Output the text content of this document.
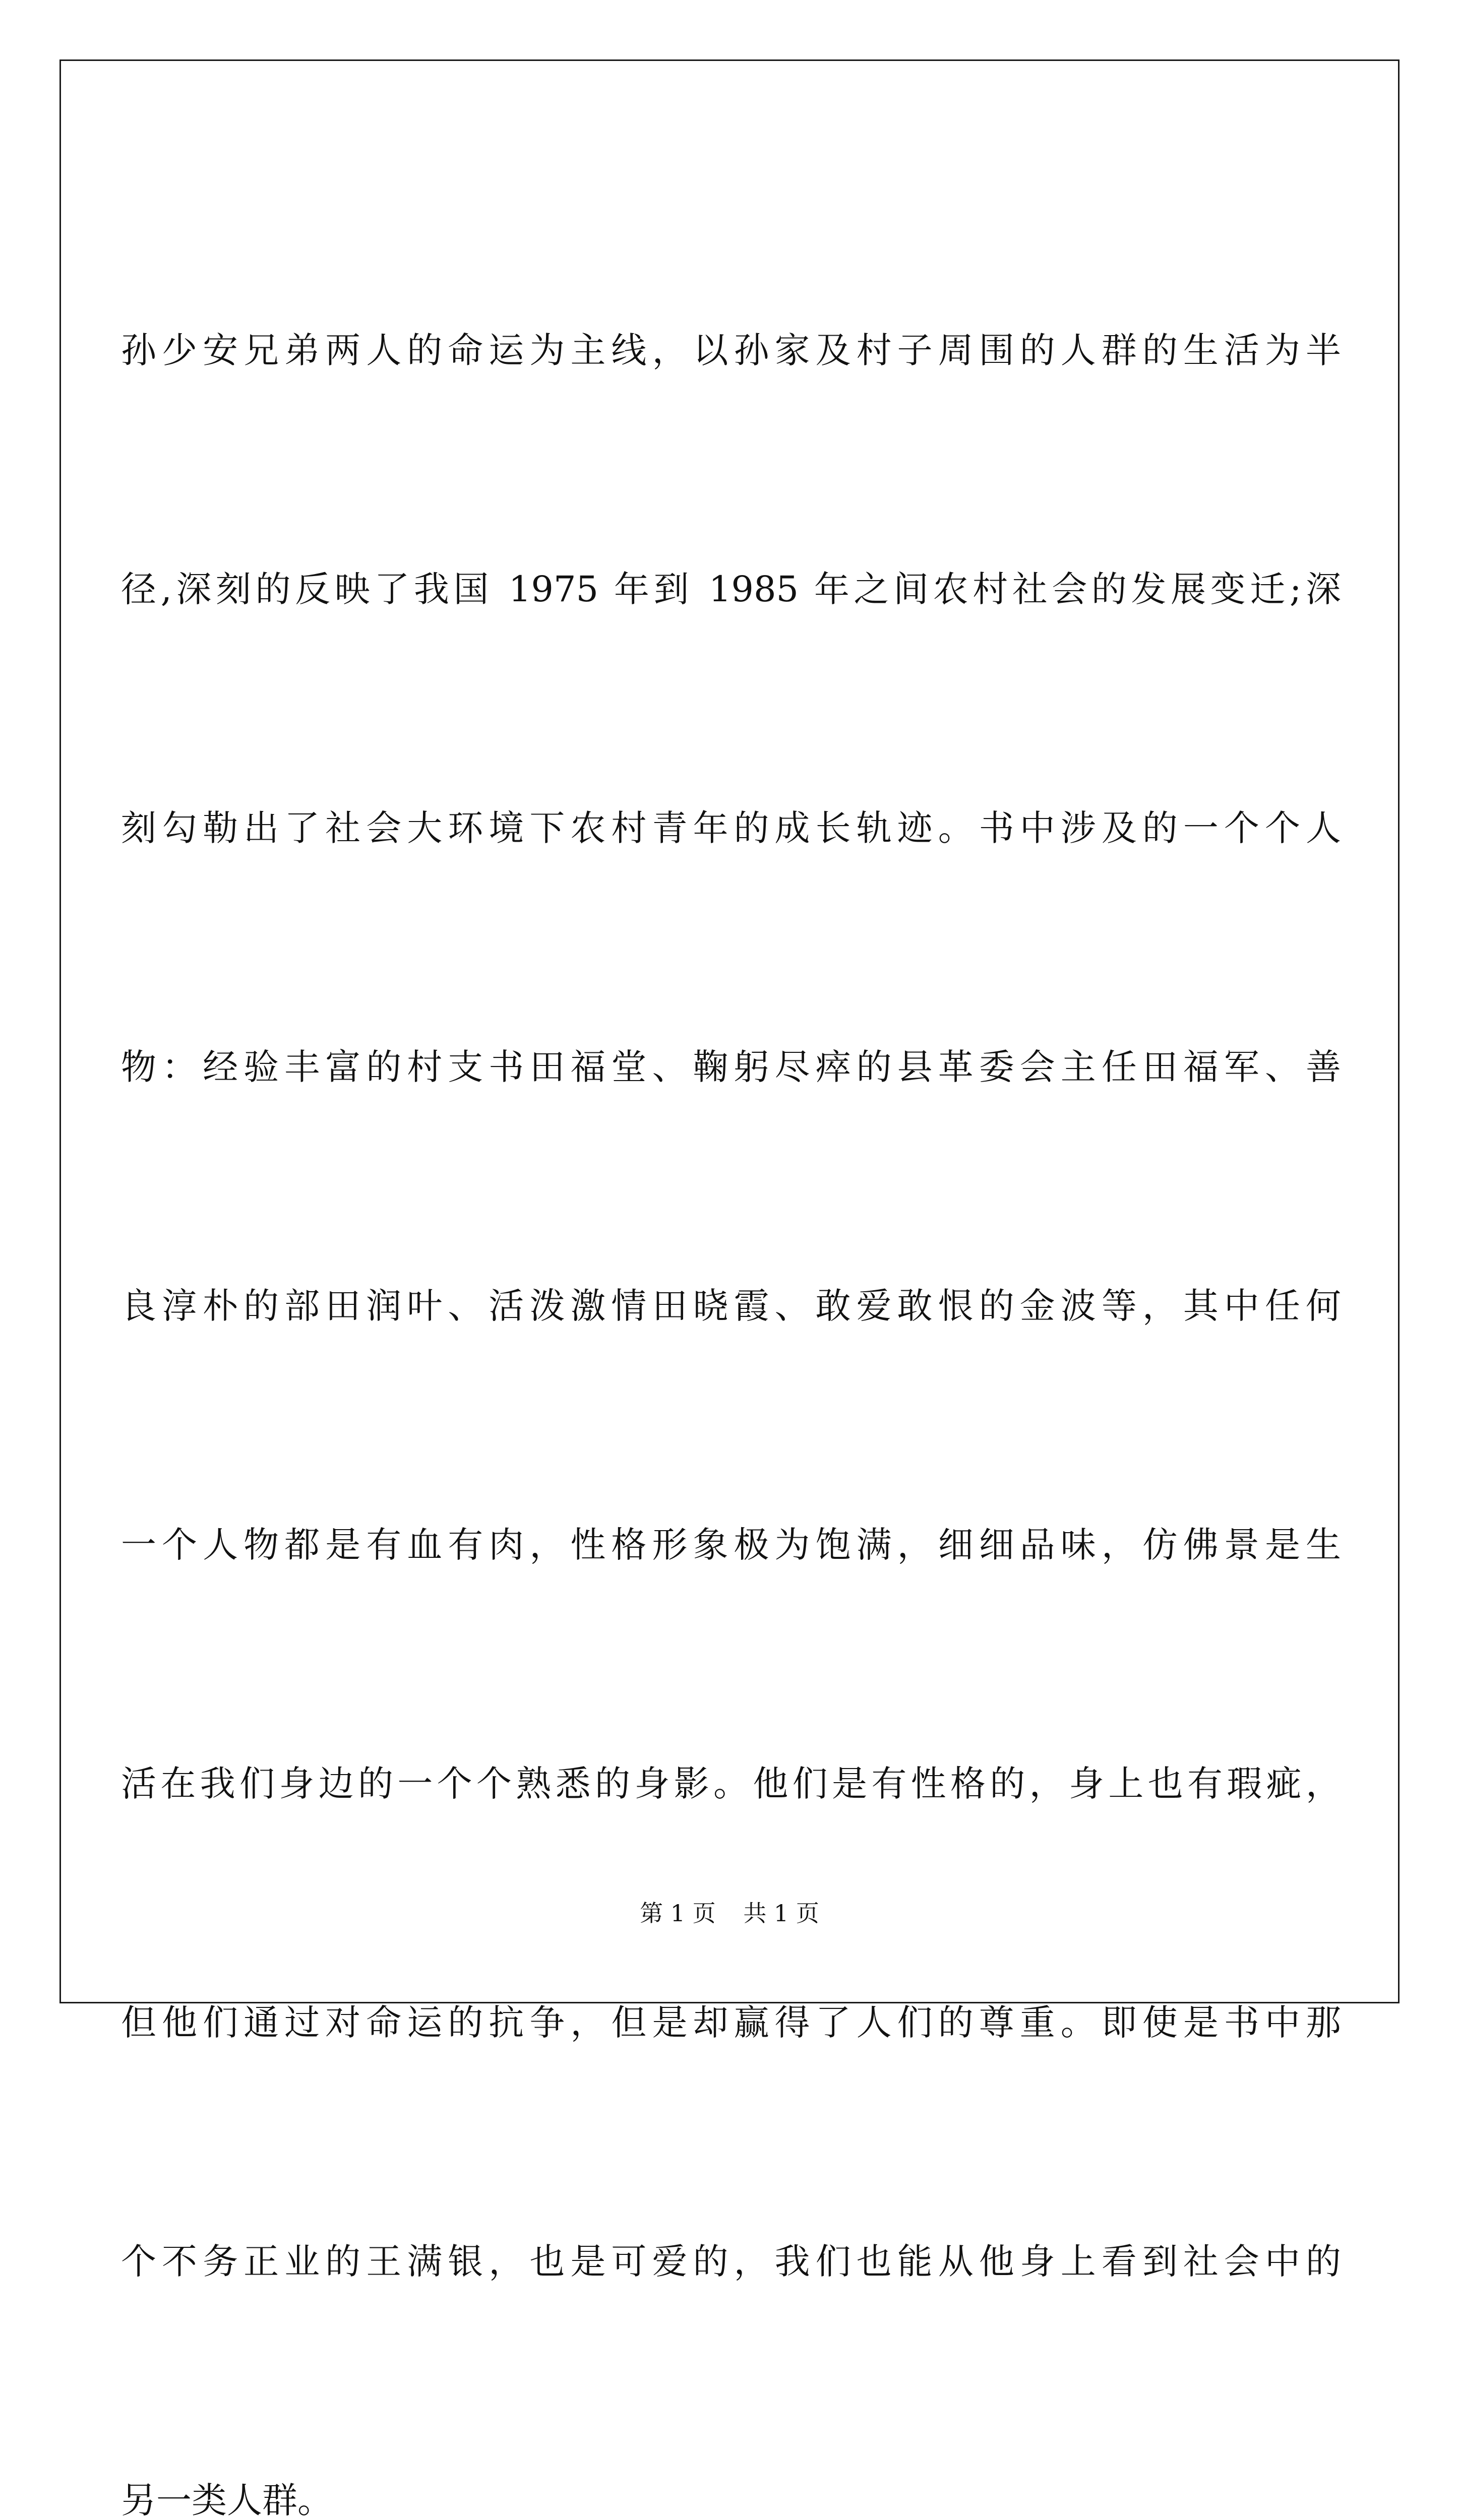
孙少安兄弟两人的命运为主线，以孙家及村子周围的人群的生活为半

径,深刻的反映了我国 1975 年到 1985 年之间农村社会的发展变迁;深

刻勾勒出了社会大环境下农村青年的成长轨迹。书中涉及的一个个人

物：经验丰富的村支书田福堂、鞠躬尽瘁的县革委会主任田福军、善

良淳朴的部田润叶、活泼激情田晓霞、敢爱敢恨的金波等，其中任何

一个人物都是有血有肉，性格形象极为饱满，细细品味，仿佛景是生

活在我们身边的一个个熟悉的身影。他们是有性格的，身上也有瑕疵，

但他们通过对命运的抗争，但是却赢得了人们的尊重。即使是书中那

个不务正业的王满银，也是可爱的，我们也能从他身上看到社会中的

另一类人群。

第 1 页 共 1 页
